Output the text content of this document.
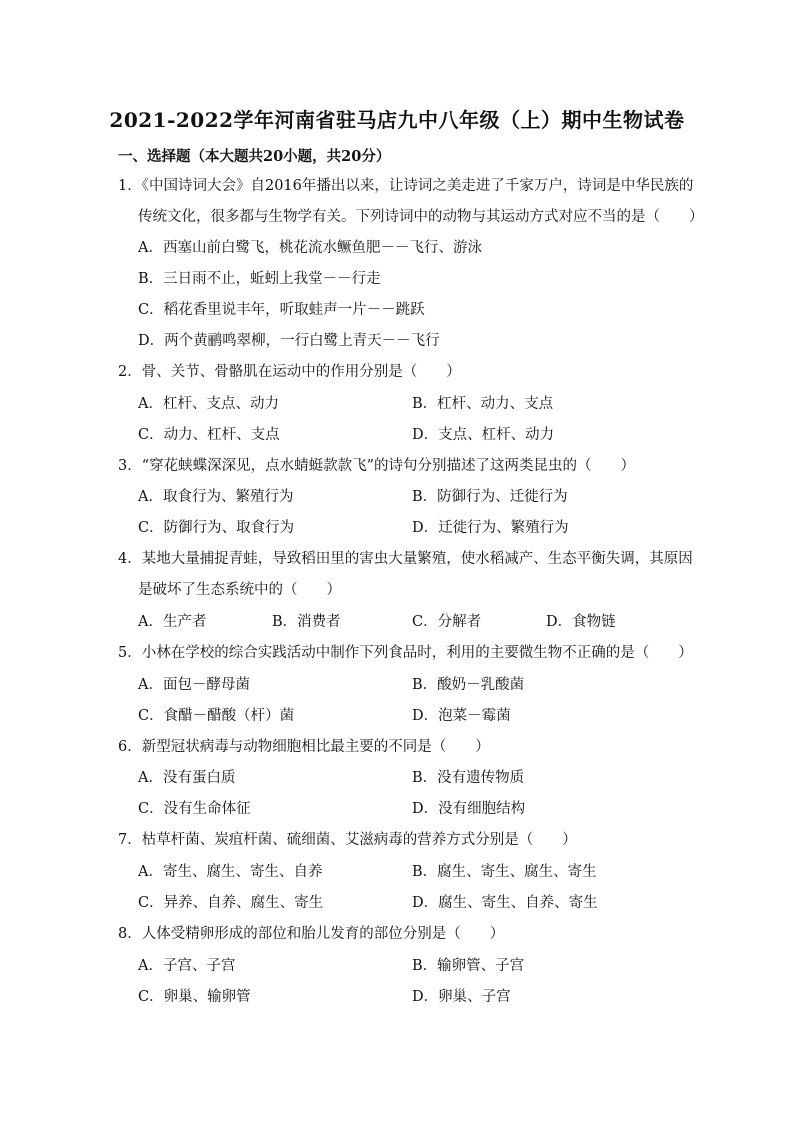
2021-2022学年河南省驻马店九中八年级（上）期中生物试卷
一、选择题（本大题共20小题，共20分）
1．《中国诗词大会》自2016年播出以来，让诗词之美走进了千家万户，诗词是中华民族的
传统文化，很多都与生物学有关。下列诗词中的动物与其运动方式对应不当的是（　　）
A．西塞山前白鹭飞，桃花流水鳜鱼肥－－飞行、游泳
B．三日雨不止，蚯蚓上我堂－－行走
C．稻花香里说丰年，听取蛙声一片－－跳跃
D．两个黄鹂鸣翠柳，一行白鹭上青天－－飞行
2．骨、关节、骨骼肌在运动中的作用分别是（　　）
A．杠杆、支点、动力	B．杠杆、动力、支点
C．动力、杠杆、支点	D．支点、杠杆、动力
3．“穿花蛱蝶深深见，点水蜻蜓款款飞”的诗句分别描述了这两类昆虫的（　　）
A．取食行为、繁殖行为	B．防御行为、迁徙行为
C．防御行为、取食行为	D．迁徙行为、繁殖行为
4．某地大量捕捉青蛙，导致稻田里的害虫大量繁殖，使水稻减产、生态平衡失调，其原因
是破坏了生态系统中的（　　）
A．生产者	B．消费者	C．分解者	D．食物链
5．小林在学校的综合实践活动中制作下列食品时，利用的主要微生物不正确的是（　　）
A．面包－酵母菌	B．酸奶－乳酸菌
C．食醋－醋酸（杆）菌	D．泡菜－霉菌
6．新型冠状病毒与动物细胞相比最主要的不同是（　　）
A．没有蛋白质	B．没有遗传物质
C．没有生命体征	D．没有细胞结构
7．枯草杆菌、炭疽杆菌、硫细菌、艾滋病毒的营养方式分别是（　　）
A．寄生、腐生、寄生、自养	B．腐生、寄生、腐生、寄生
C．异养、自养、腐生、寄生	D．腐生、寄生、自养、寄生
8．人体受精卵形成的部位和胎儿发育的部位分别是（　　）
A．子宫、子宫	B．输卵管、子宫
C．卵巢、输卵管	D．卵巢、子宫
